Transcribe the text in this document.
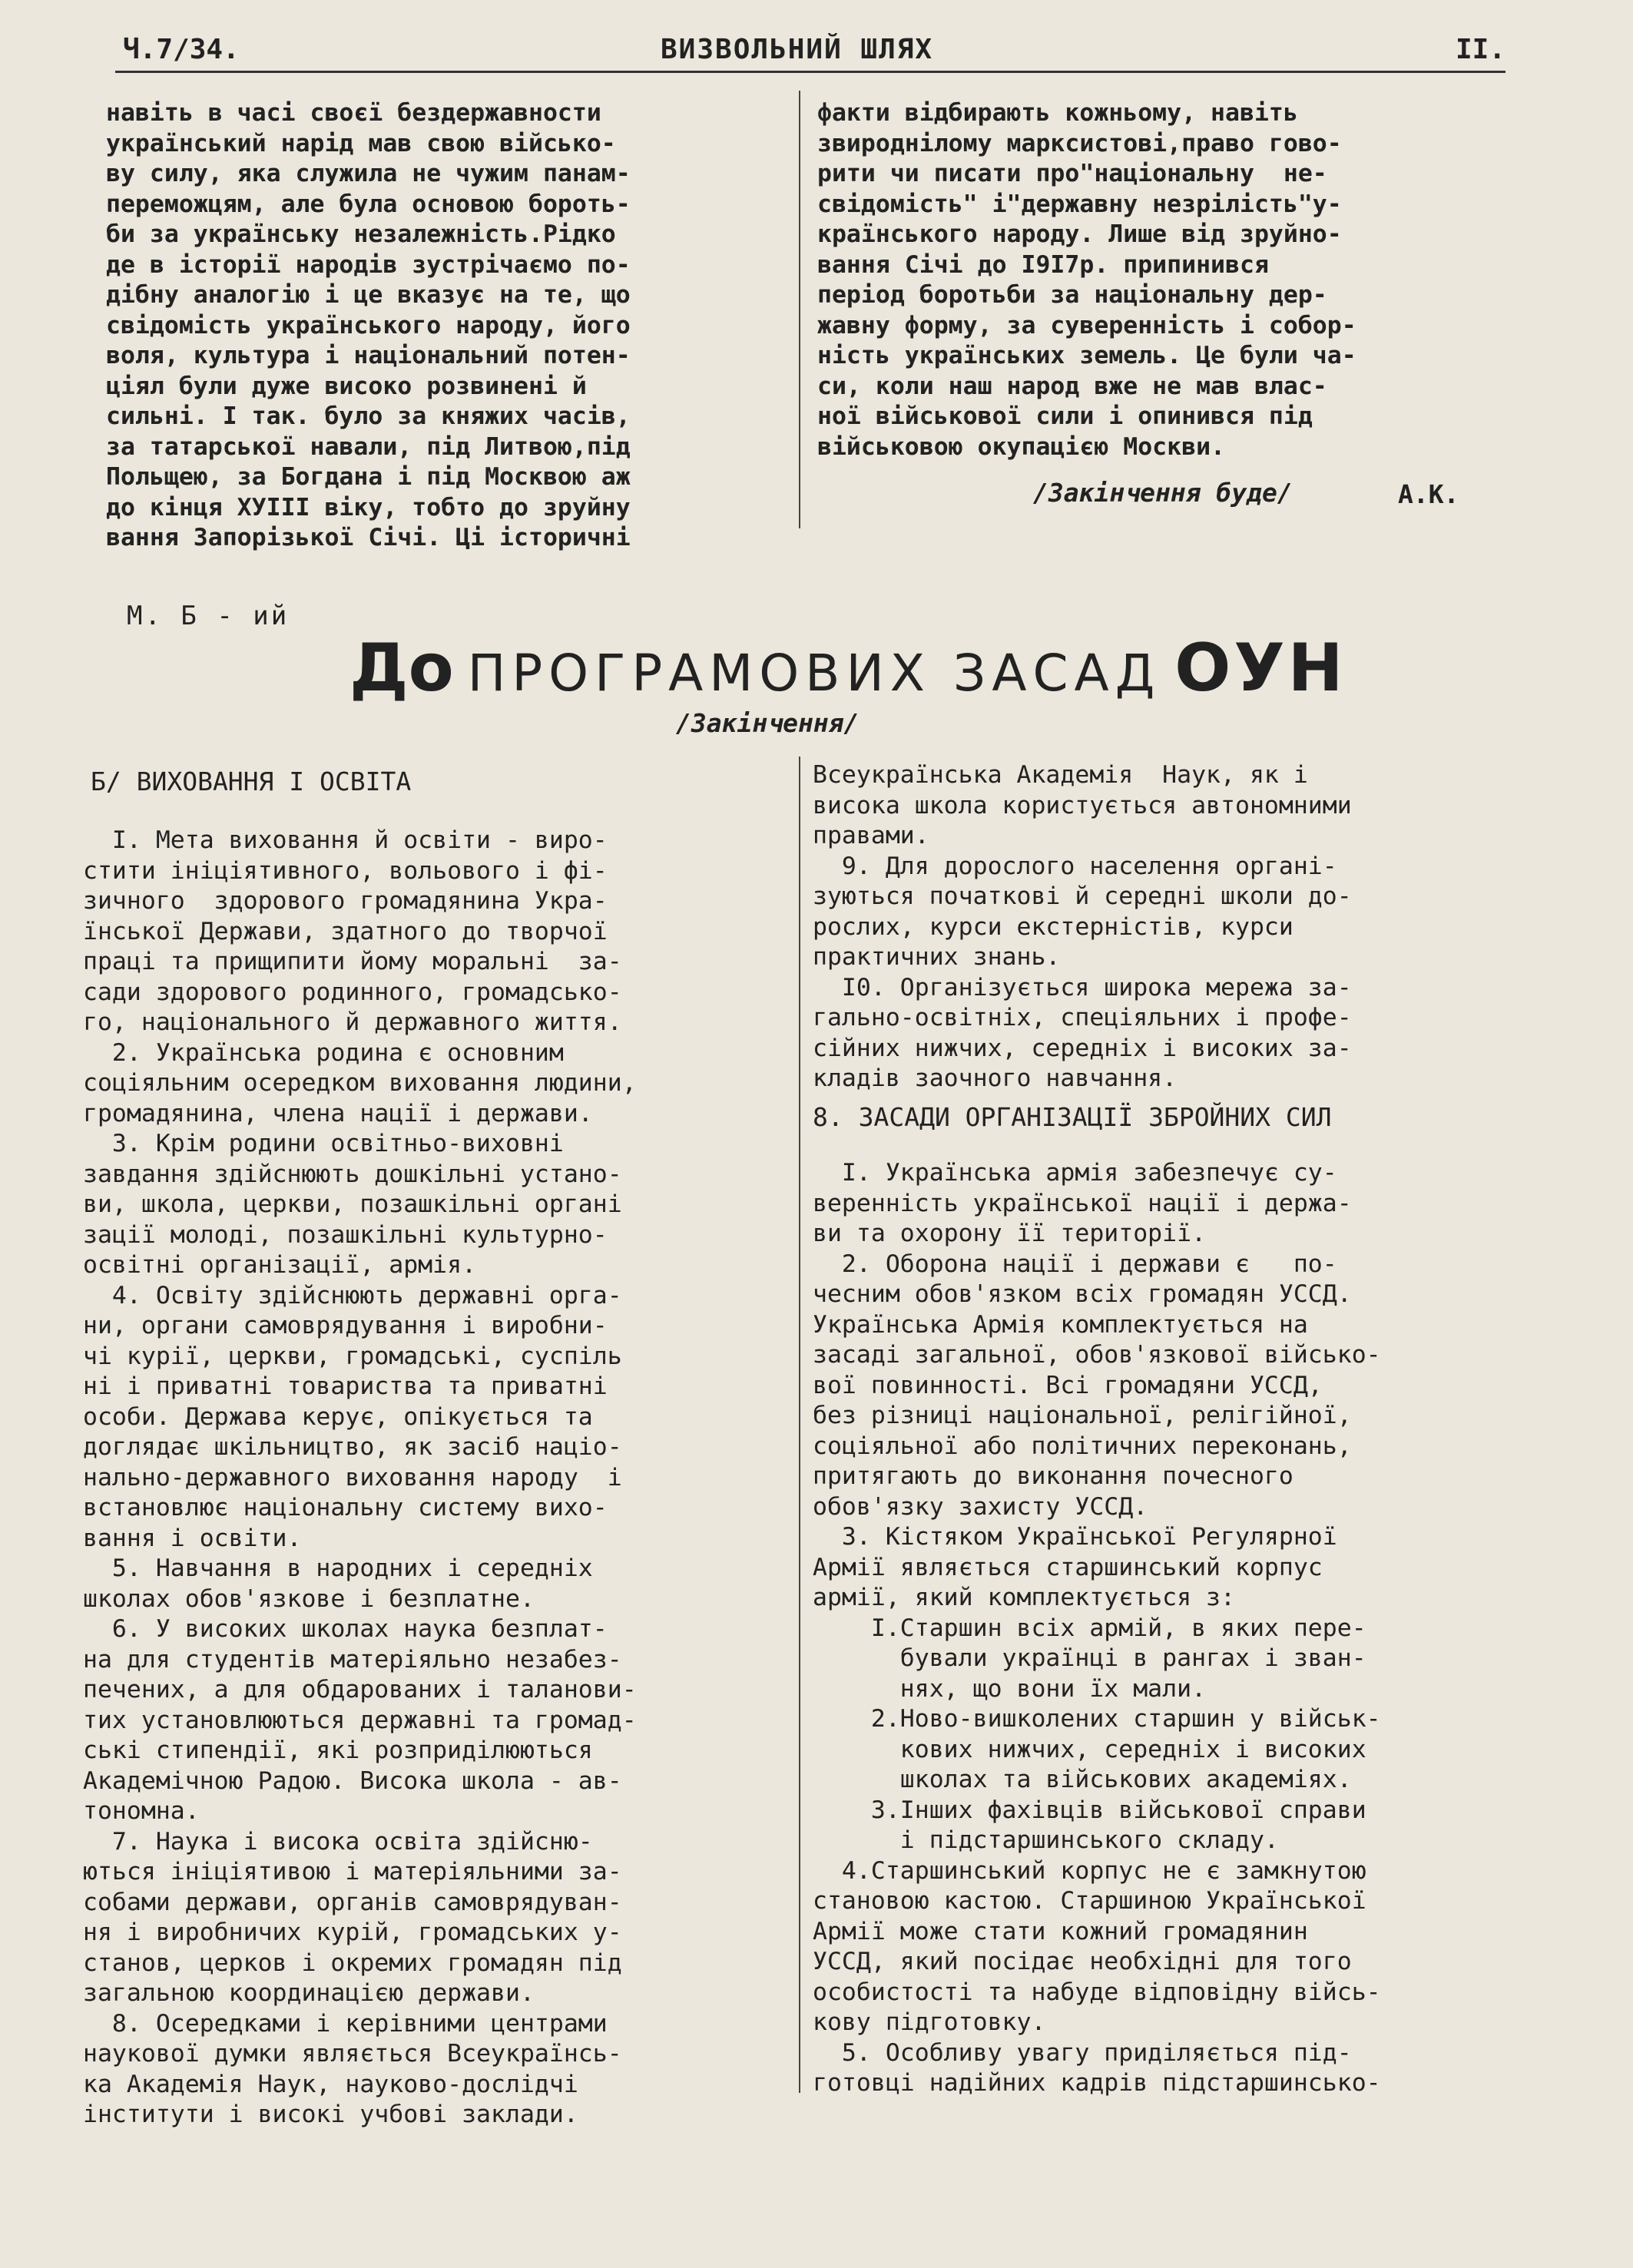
Ч.7/34.	ВИЗВОЛЬНИЙ ШЛЯХ	II.
навіть в часі своєї бездержавности
український нарід мав свою військо-
ву силу, яка служила не чужим панам-
переможцям, але була основою бороть-
би за українську незалежність.Рідко
де в історії народів зустрічаємо по-
дібну аналогію і це вказує на те, що
свідомість українського народу, його
воля, культура і національний потен-
ціял були дуже високо розвинені й
сильні. І так. було за княжих часів,
за татарської навали, під Литвою,під
Польщею, за Богдана і під Москвою аж
до кінця ХУІІІ віку, тобто до зруйну
вання Запорізької Січі. Ці історичні
факти відбирають кожньому, навіть
звироднілому марксистові,право гово-
рити чи писати про"національну  не-
свідомість" і"державну незрілість"у-
країнського народу. Лише від зруйно-
вання Січі до І9І7р. припинився
період боротьби за національну дер-
жавну форму, за суверенність і собор-
ність українських земель. Це були ча-
си, коли наш народ вже не мав влас-
ної військової сили і опинився під
військовою окупацією Москви.
/Закінчення буде/	А.К.
М. Б - ий
До ПРОГРАМОВИХ ЗАСАД ОУН
/Закінчення/
Б/ ВИХОВАННЯ І ОСВІТА
І. Мета виховання й освіти - виро-
стити ініціятивного, вольового і фі-
зичного  здорового громадянина Укра-
їнської Держави, здатного до творчої
праці та прищипити йому моральні  за-
сади здорового родинного, громадсько-
го, національного й державного життя.
2. Українська родина є основним
соціяльним осередком виховання людини,
громадянина, члена нації і держави.
3. Крім родини освітньо-виховні
завдання здійснюють дошкільні устано-
ви, школа, церкви, позашкільні органі
зації молоді, позашкільні культурно-
освітні організації, армія.
4. Освіту здійснюють державні орга-
ни, органи самоврядування і виробни-
чі курії, церкви, громадські, суспіль
ні і приватні товариства та приватні
особи. Держава керує, опікується та
доглядає шкільництво, як засіб націо-
нально-державного виховання народу  і
встановлює національну систему вихо-
вання і освіти.
5. Навчання в народних і середніх
школах обов'язкове і безплатне.
6. У високих школах наука безплат-
на для студентів матеріяльно незабез-
печених, а для обдарованих і таланови-
тих установлюються державні та громад-
ські стипендії, які розприділюються
Академічною Радою. Висока школа - ав-
тономна.
7. Наука і висока освіта здійсню-
ються ініціятивою і матеріяльними за-
собами держави, органів самоврядуван-
ня і виробничих курій, громадських у-
станов, церков і окремих громадян під
загальною координацією держави.
8. Осередками і керівними центрами
наукової думки являється Всеукраїнсь-
ка Академія Наук, науково-дослідчі
інститути і високі учбові заклади.
Всеукраїнська Академія  Наук, як і
висока школа користується автономними
правами.
9. Для дорослого населення органі-
зуються початкові й середні школи до-
рослих, курси екстерністів, курси
практичних знань.
І0. Організується широка мережа за-
гально-освітніх, спеціяльних і профе-
сійних нижчих, середніх і високих за-
кладів заочного навчання.
8. ЗАСАДИ ОРГАНІЗАЦІЇ ЗБРОЙНИХ СИЛ
І. Українська армія забезпечує су-
веренність української нації і держа-
ви та охорону її території.
2. Оборона нації і держави є   по-
чесним обов'язком всіх громадян УССД.
Українська Армія комплектується на
засаді загальної, обов'язкової військо-
вої повинності. Всі громадяни УССД,
без різниці національної, релігійної,
соціяльної або політичних переконань,
притягають до виконання почесного
обов'язку захисту УССД.
3. Кістяком Української Регулярної
Армії являється старшинський корпус
армії, який комплектується з:
І.Старшин всіх армій, в яких пере-
бували українці в рангах і зван-
нях, що вони їх мали.
2.Ново-вишколених старшин у військ-
кових нижчих, середніх і високих
школах та військових академіях.
3.Інших фахівців військової справи
і підстаршинського складу.
4.Старшинський корпус не є замкнутою
становою кастою. Старшиною Української
Армії може стати кожний громадянин
УССД, який посідає необхідні для того
особистості та набуде відповідну війсь-
кову підготовку.
5. Особливу увагу приділяється під-
готовці надійних кадрів підстаршинсько-
